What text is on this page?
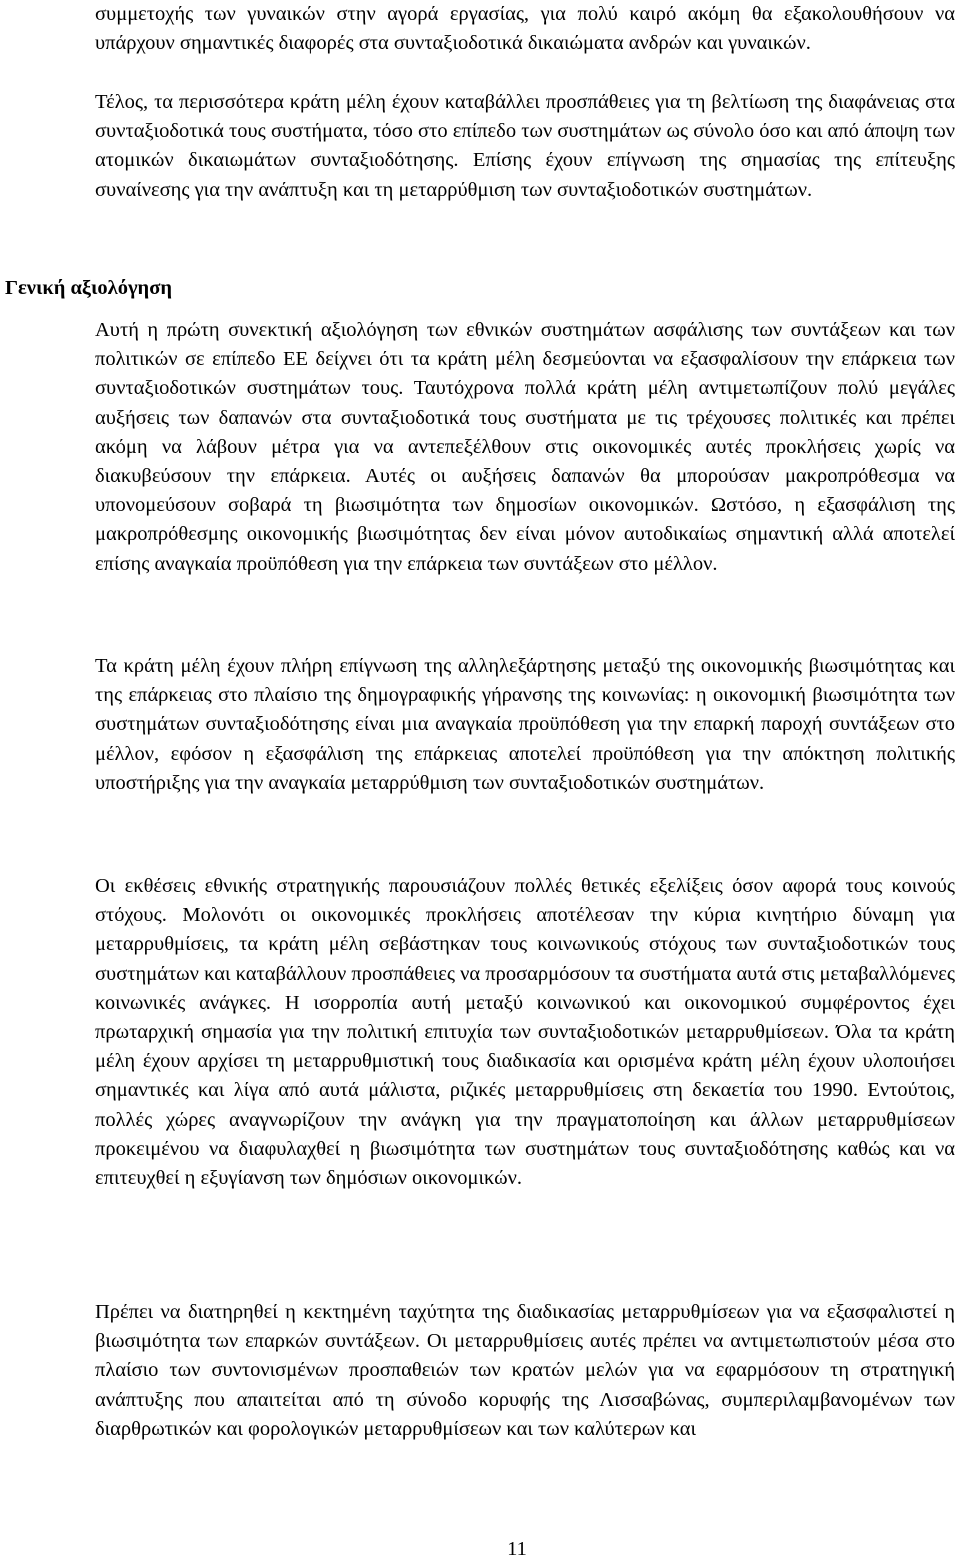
συμμετοχής των γυναικών στην αγορά εργασίας, για πολύ καιρό ακόμη θα εξακολουθήσουν να υπάρχουν σημαντικές διαφορές στα συνταξιοδοτικά δικαιώματα ανδρών και γυναικών.

Τέλος, τα περισσότερα κράτη μέλη έχουν καταβάλλει προσπάθειες για τη βελτίωση της διαφάνειας στα συνταξιοδοτικά τους συστήματα, τόσο στο επίπεδο των συστημάτων ως σύνολο όσο και από άποψη των ατομικών δικαιωμάτων συνταξιοδότησης. Επίσης έχουν επίγνωση της σημασίας της επίτευξης συναίνεσης για την ανάπτυξη και τη μεταρρύθμιση των συνταξιοδοτικών συστημάτων.

Γενική αξιολόγηση

Αυτή η πρώτη συνεκτική αξιολόγηση των εθνικών συστημάτων ασφάλισης των συντάξεων και των πολιτικών σε επίπεδο ΕΕ δείχνει ότι τα κράτη μέλη δεσμεύονται να εξασφαλίσουν την επάρκεια των συνταξιοδοτικών συστημάτων τους. Ταυτόχρονα πολλά κράτη μέλη αντιμετωπίζουν πολύ μεγάλες αυξήσεις των δαπανών στα συνταξιοδοτικά τους συστήματα με τις τρέχουσες πολιτικές και πρέπει ακόμη να λάβουν μέτρα για να αντεπεξέλθουν στις οικονομικές αυτές προκλήσεις χωρίς να διακυβεύσουν την επάρκεια. Αυτές οι αυξήσεις δαπανών θα μπορούσαν μακροπρόθεσμα να υπονομεύσουν σοβαρά τη βιωσιμότητα των δημοσίων οικονομικών. Ωστόσο, η εξασφάλιση της μακροπρόθεσμης οικονομικής βιωσιμότητας δεν είναι μόνον αυτοδικαίως σημαντική αλλά αποτελεί επίσης αναγκαία προϋπόθεση για την επάρκεια των συντάξεων στο μέλλον.

Τα κράτη μέλη έχουν πλήρη επίγνωση της αλληλεξάρτησης μεταξύ της οικονομικής βιωσιμότητας και της επάρκειας στο πλαίσιο της δημογραφικής γήρανσης της κοινωνίας: η οικονομική βιωσιμότητα των συστημάτων συνταξιοδότησης είναι μια αναγκαία προϋπόθεση για την επαρκή παροχή συντάξεων στο μέλλον, εφόσον η εξασφάλιση της επάρκειας αποτελεί προϋπόθεση για την απόκτηση πολιτικής υποστήριξης για την αναγκαία μεταρρύθμιση των συνταξιοδοτικών συστημάτων.

Οι εκθέσεις εθνικής στρατηγικής παρουσιάζουν πολλές θετικές εξελίξεις όσον αφορά τους κοινούς στόχους. Μολονότι οι οικονομικές προκλήσεις αποτέλεσαν την κύρια κινητήριο δύναμη για μεταρρυθμίσεις, τα κράτη μέλη σεβάστηκαν τους κοινωνικούς στόχους των συνταξιοδοτικών τους συστημάτων και καταβάλλουν προσπάθειες να προσαρμόσουν τα συστήματα αυτά στις μεταβαλλόμενες κοινωνικές ανάγκες. Η ισορροπία αυτή μεταξύ κοινωνικού και οικονομικού συμφέροντος έχει πρωταρχική σημασία για την πολιτική επιτυχία των συνταξιοδοτικών μεταρρυθμίσεων. Όλα τα κράτη μέλη έχουν αρχίσει τη μεταρρυθμιστική τους διαδικασία και ορισμένα κράτη μέλη έχουν υλοποιήσει σημαντικές και λίγα από αυτά μάλιστα, ριζικές μεταρρυθμίσεις στη δεκαετία του 1990. Εντούτοις, πολλές χώρες αναγνωρίζουν την ανάγκη για την πραγματοποίηση και άλλων μεταρρυθμίσεων προκειμένου να διαφυλαχθεί η βιωσιμότητα των συστημάτων τους συνταξιοδότησης καθώς και να επιτευχθεί η εξυγίανση των δημόσιων οικονομικών.

Πρέπει να διατηρηθεί η κεκτημένη ταχύτητα της διαδικασίας μεταρρυθμίσεων για να εξασφαλιστεί η βιωσιμότητα των επαρκών συντάξεων. Οι μεταρρυθμίσεις αυτές πρέπει να αντιμετωπιστούν μέσα στο πλαίσιο των συντονισμένων προσπαθειών των κρατών μελών για να εφαρμόσουν τη στρατηγική ανάπτυξης που απαιτείται από τη σύνοδο κορυφής της Λισσαβώνας, συμπεριλαμβανομένων των διαρθρωτικών και φορολογικών μεταρρυθμίσεων και των καλύτερων και

11
